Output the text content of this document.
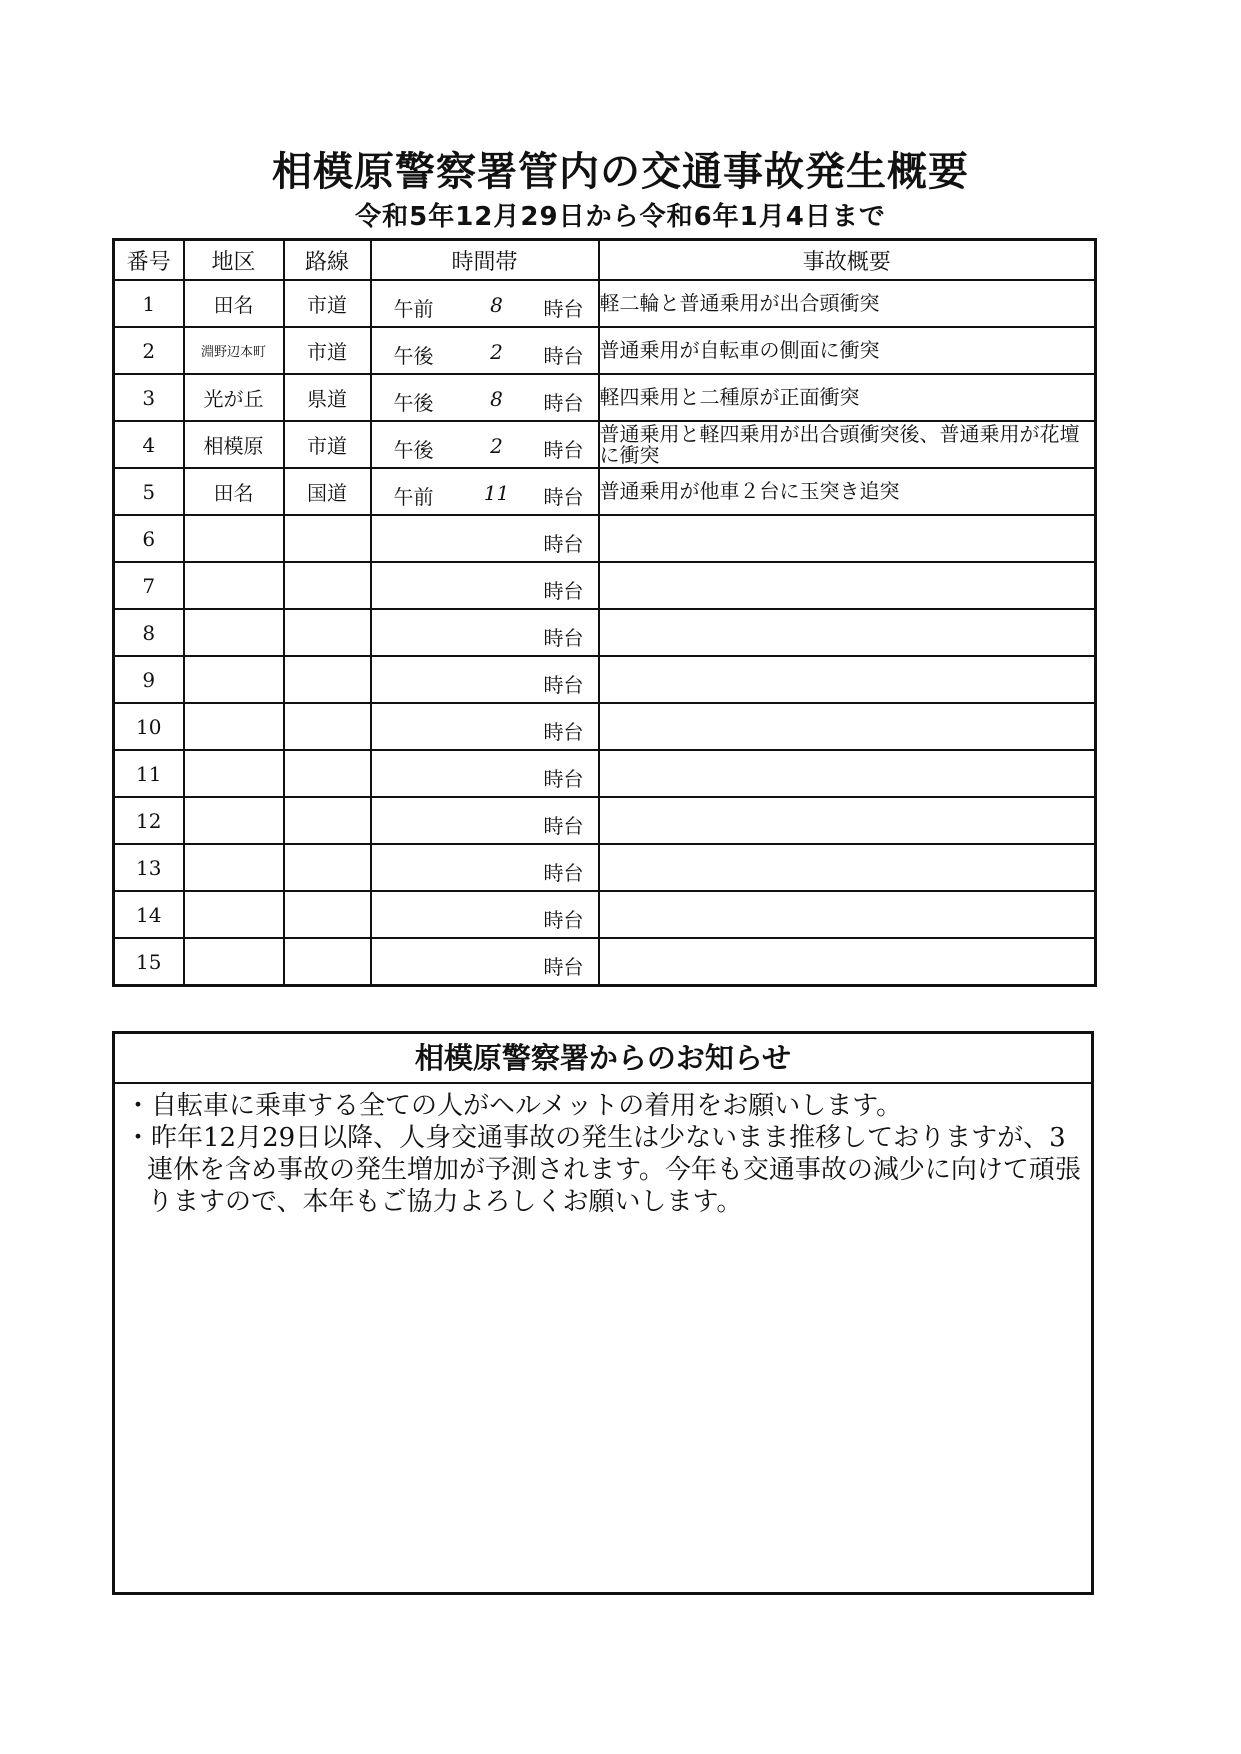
相模原警察署管内の交通事故発生概要
令和5年12月29日から令和6年1月4日まで
番号	地区	路線	時間帯	事故概要
1	田名	市道	午前 8 時台	軽二輪と普通乗用が出合頭衝突
2	淵野辺本町	市道	午後 2 時台	普通乗用が自転車の側面に衝突
3	光が丘	県道	午後 8 時台	軽四乗用と二種原が正面衝突
4	相模原	市道	午後 2 時台	普通乗用と軽四乗用が出合頭衝突後、普通乗用が花壇に衝突
5	田名	国道	午前 11 時台	普通乗用が他車２台に玉突き追突
6			時台	

7			時台	

8			時台	

9			時台	

10			時台	

11			時台	

12			時台	

13			時台	

14			時台	

15			時台	

相模原警察署からのお知らせ

・自転車に乗車する全ての人がヘルメットの着用をお願いします。

・昨年12月29日以降、人身交通事故の発生は少ないまま推移しておりますが、3連休を含め事故の発生増加が予測されます。今年も交通事故の減少に向けて頑張りますので、本年もご協力よろしくお願いします。
